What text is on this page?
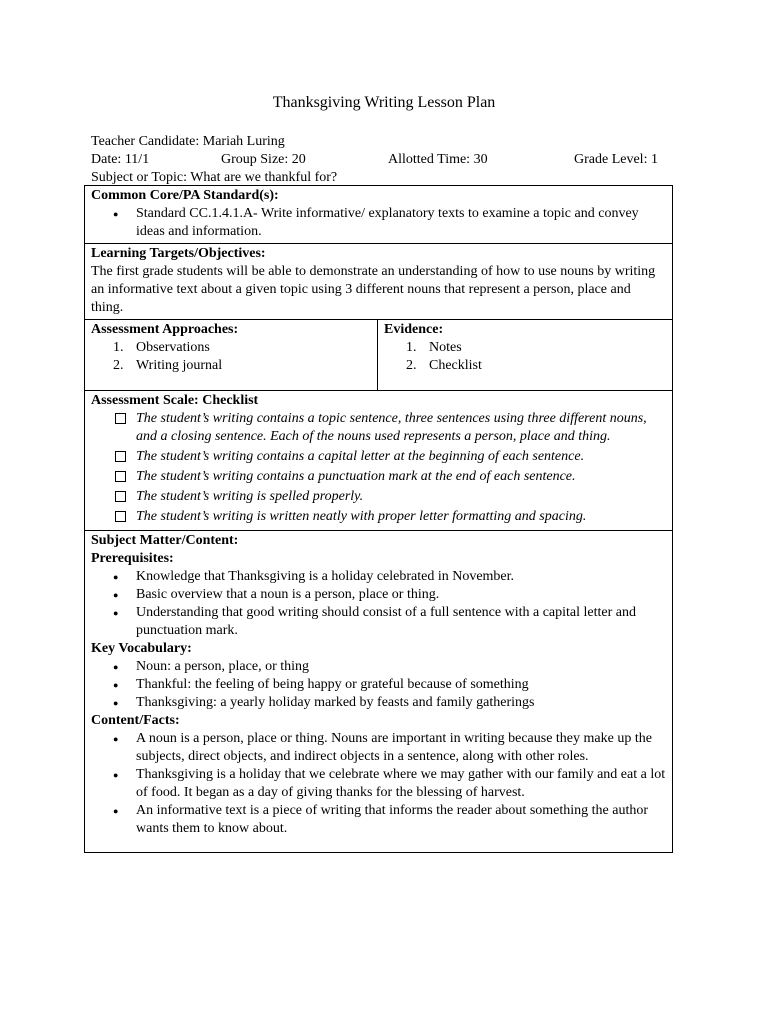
Thanksgiving Writing Lesson Plan
Teacher Candidate: Mariah Luring
Date: 11/1	Group Size: 20	Allotted Time: 30	Grade Level: 1
Subject or Topic: What are we thankful for?
Common Core/PA Standard(s):
● Standard CC.1.4.1.A- Write informative/ explanatory texts to examine a topic and convey ideas and information.

Learning Targets/Objectives:
The first grade students will be able to demonstrate an understanding of how to use nouns by writing an informative text about a given topic using 3 different nouns that represent a person, place and thing.

Assessment Approaches:
1. Observations
2. Writing journal

Evidence:
1. Notes
2. Checklist

Assessment Scale: Checklist
The student’s writing contains a topic sentence, three sentences using three different nouns, and a closing sentence. Each of the nouns used represents a person, place and thing.
The student’s writing contains a capital letter at the beginning of each sentence.
The student’s writing contains a punctuation mark at the end of each sentence.
The student’s writing is spelled properly.
The student’s writing is written neatly with proper letter formatting and spacing.

Subject Matter/Content:
Prerequisites:
● Knowledge that Thanksgiving is a holiday celebrated in November.
● Basic overview that a noun is a person, place or thing.
● Understanding that good writing should consist of a full sentence with a capital letter and punctuation mark.
Key Vocabulary:
● Noun: a person, place, or thing
● Thankful: the feeling of being happy or grateful because of something
● Thanksgiving: a yearly holiday marked by feasts and family gatherings
Content/Facts:
● A noun is a person, place or thing. Nouns are important in writing because they make up the subjects, direct objects, and indirect objects in a sentence, along with other roles.
● Thanksgiving is a holiday that we celebrate where we may gather with our family and eat a lot of food. It began as a day of giving thanks for the blessing of harvest.
● An informative text is a piece of writing that informs the reader about something the author wants them to know about.
